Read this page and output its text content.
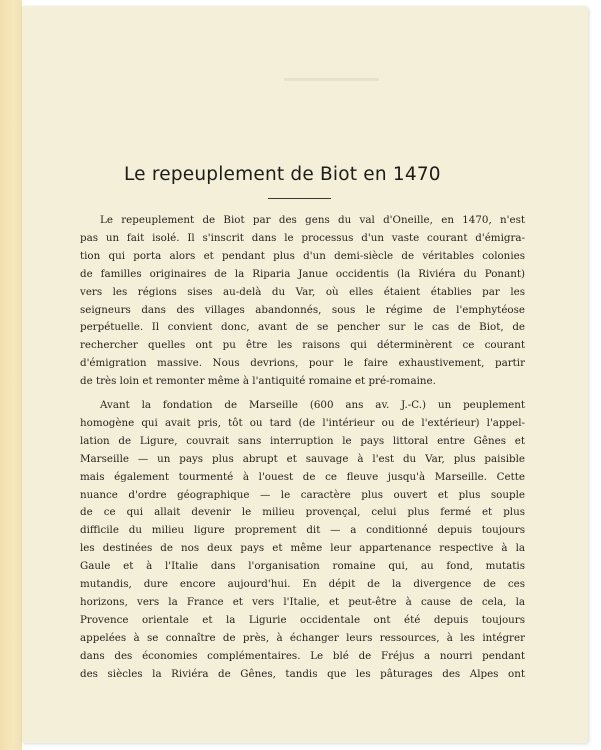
Le repeuplement de Biot en 1470

Le repeuplement de Biot par des gens du val d'Oneille, en 1470, n'est
pas un fait isolé. Il s'inscrit dans le processus d'un vaste courant d'émigra-
tion qui porta alors et pendant plus d'un demi-siècle de véritables colonies
de familles originaires de la Riparia Janue occidentis (la Riviéra du Ponant)
vers les régions sises au-delà du Var, où elles étaient établies par les
seigneurs dans des villages abandonnés, sous le régime de l'emphytéose
perpétuelle. Il convient donc, avant de se pencher sur le cas de Biot, de
rechercher quelles ont pu être les raisons qui déterminèrent ce courant
d'émigration massive. Nous devrions, pour le faire exhaustivement, partir
de très loin et remonter même à l'antiquité romaine et pré-romaine.

Avant la fondation de Marseille (600 ans av. J.-C.) un peuplement
homogène qui avait pris, tôt ou tard (de l'intérieur ou de l'extérieur) l'appel-
lation de Ligure, couvrait sans interruption le pays littoral entre Gênes et
Marseille — un pays plus abrupt et sauvage à l'est du Var, plus paisible
mais également tourmenté à l'ouest de ce fleuve jusqu'à Marseille. Cette
nuance d'ordre géographique — le caractère plus ouvert et plus souple
de ce qui allait devenir le milieu provençal, celui plus fermé et plus
difficile du milieu ligure proprement dit — a conditionné depuis toujours
les destinées de nos deux pays et même leur appartenance respective à la
Gaule et à l'Italie dans l'organisation romaine qui, au fond, mutatis
mutandis, dure encore aujourd'hui. En dépit de la divergence de ces
horizons, vers la France et vers l'Italie, et peut-être à cause de cela, la
Provence orientale et la Ligurie occidentale ont été depuis toujours
appelées à se connaître de près, à échanger leurs ressources, à les intégrer
dans des économies complémentaires. Le blé de Fréjus a nourri pendant
des siècles la Riviéra de Gênes, tandis que les pâturages des Alpes ont
